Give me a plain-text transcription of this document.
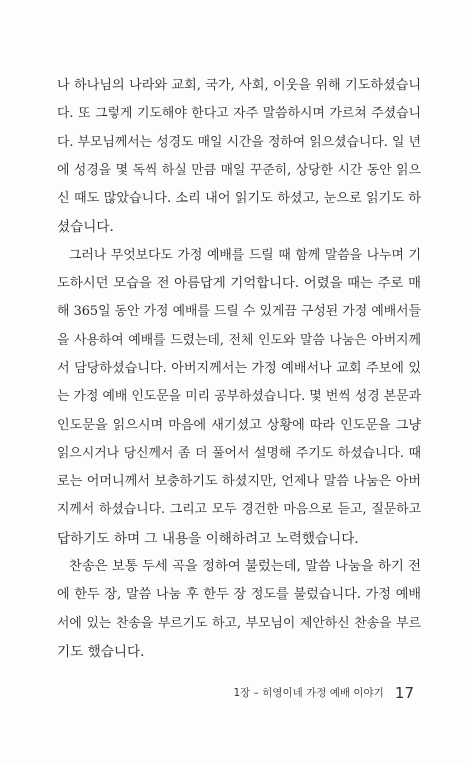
나 하나님의 나라와 교회, 국가, 사회, 이웃을 위해 기도하셨습니
다. 또 그렇게 기도해야 한다고 자주 말씀하시며 가르쳐 주셨습니
다. 부모님께서는 성경도 매일 시간을 정하여 읽으셨습니다. 일 년
에 성경을 몇 독씩 하실 만큼 매일 꾸준히, 상당한 시간 동안 읽으
신 때도 많았습니다. 소리 내어 읽기도 하셨고, 눈으로 읽기도 하
셨습니다.
그러나 무엇보다도 가정 예배를 드릴 때 함께 말씀을 나누며 기
도하시던 모습을 전 아름답게 기억합니다. 어렸을 때는 주로 매
해 365일 동안 가정 예배를 드릴 수 있게끔 구성된 가정 예배서들
을 사용하여 예배를 드렸는데, 전체 인도와 말씀 나눔은 아버지께
서 담당하셨습니다. 아버지께서는 가정 예배서나 교회 주보에 있
는 가정 예배 인도문을 미리 공부하셨습니다. 몇 번씩 성경 본문과
인도문을 읽으시며 마음에 새기셨고 상황에 따라 인도문을 그냥
읽으시거나 당신께서 좀 더 풀어서 설명해 주기도 하셨습니다. 때
로는 어머니께서 보충하기도 하셨지만, 언제나 말씀 나눔은 아버
지께서 하셨습니다. 그리고 모두 경건한 마음으로 듣고, 질문하고
답하기도 하며 그 내용을 이해하려고 노력했습니다.
찬송은 보통 두세 곡을 정하여 불렀는데, 말씀 나눔을 하기 전
에 한두 장, 말씀 나눔 후 한두 장 정도를 불렀습니다. 가정 예배
서에 있는 찬송을 부르기도 하고, 부모님이 제안하신 찬송을 부르
기도 했습니다.
1장 – 히영이네 가정 예배 이야기 17
